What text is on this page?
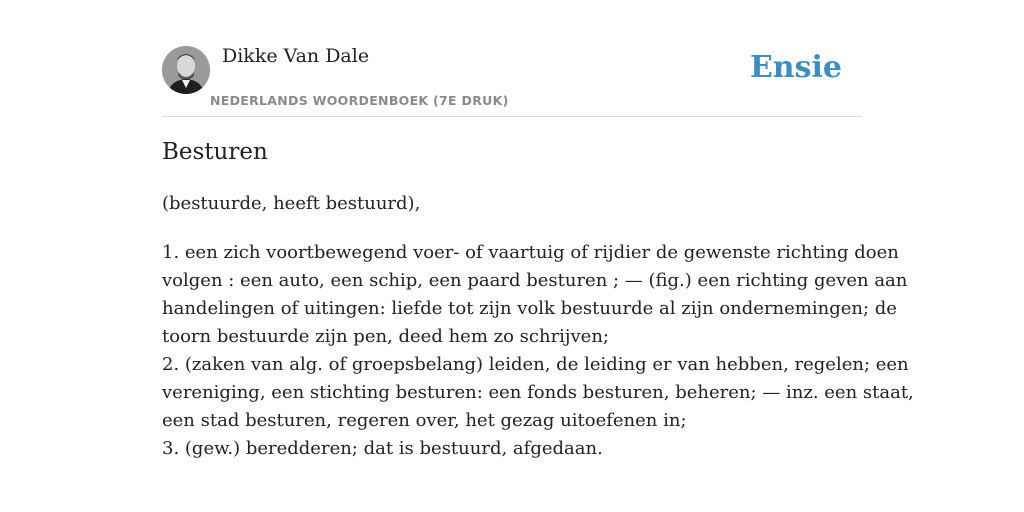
Dikke Van Dale
NEDERLANDS WOORDENBOEK (7E DRUK)
Ensie
Besturen
(bestuurde, heeft bestuurd),
1. een zich voortbewegend voer- of vaartuig of rijdier de gewenste richting doen
volgen : een auto, een schip, een paard besturen ; — (fig.) een richting geven aan
handelingen of uitingen: liefde tot zijn volk bestuurde al zijn ondernemingen; de
toorn bestuurde zijn pen, deed hem zo schrijven;
2. (zaken van alg. of groepsbelang) leiden, de leiding er van hebben, regelen; een
vereniging, een stichting besturen: een fonds besturen, beheren; — inz. een staat,
een stad besturen, regeren over, het gezag uitoefenen in;
3. (gew.) beredderen; dat is bestuurd, afgedaan.
